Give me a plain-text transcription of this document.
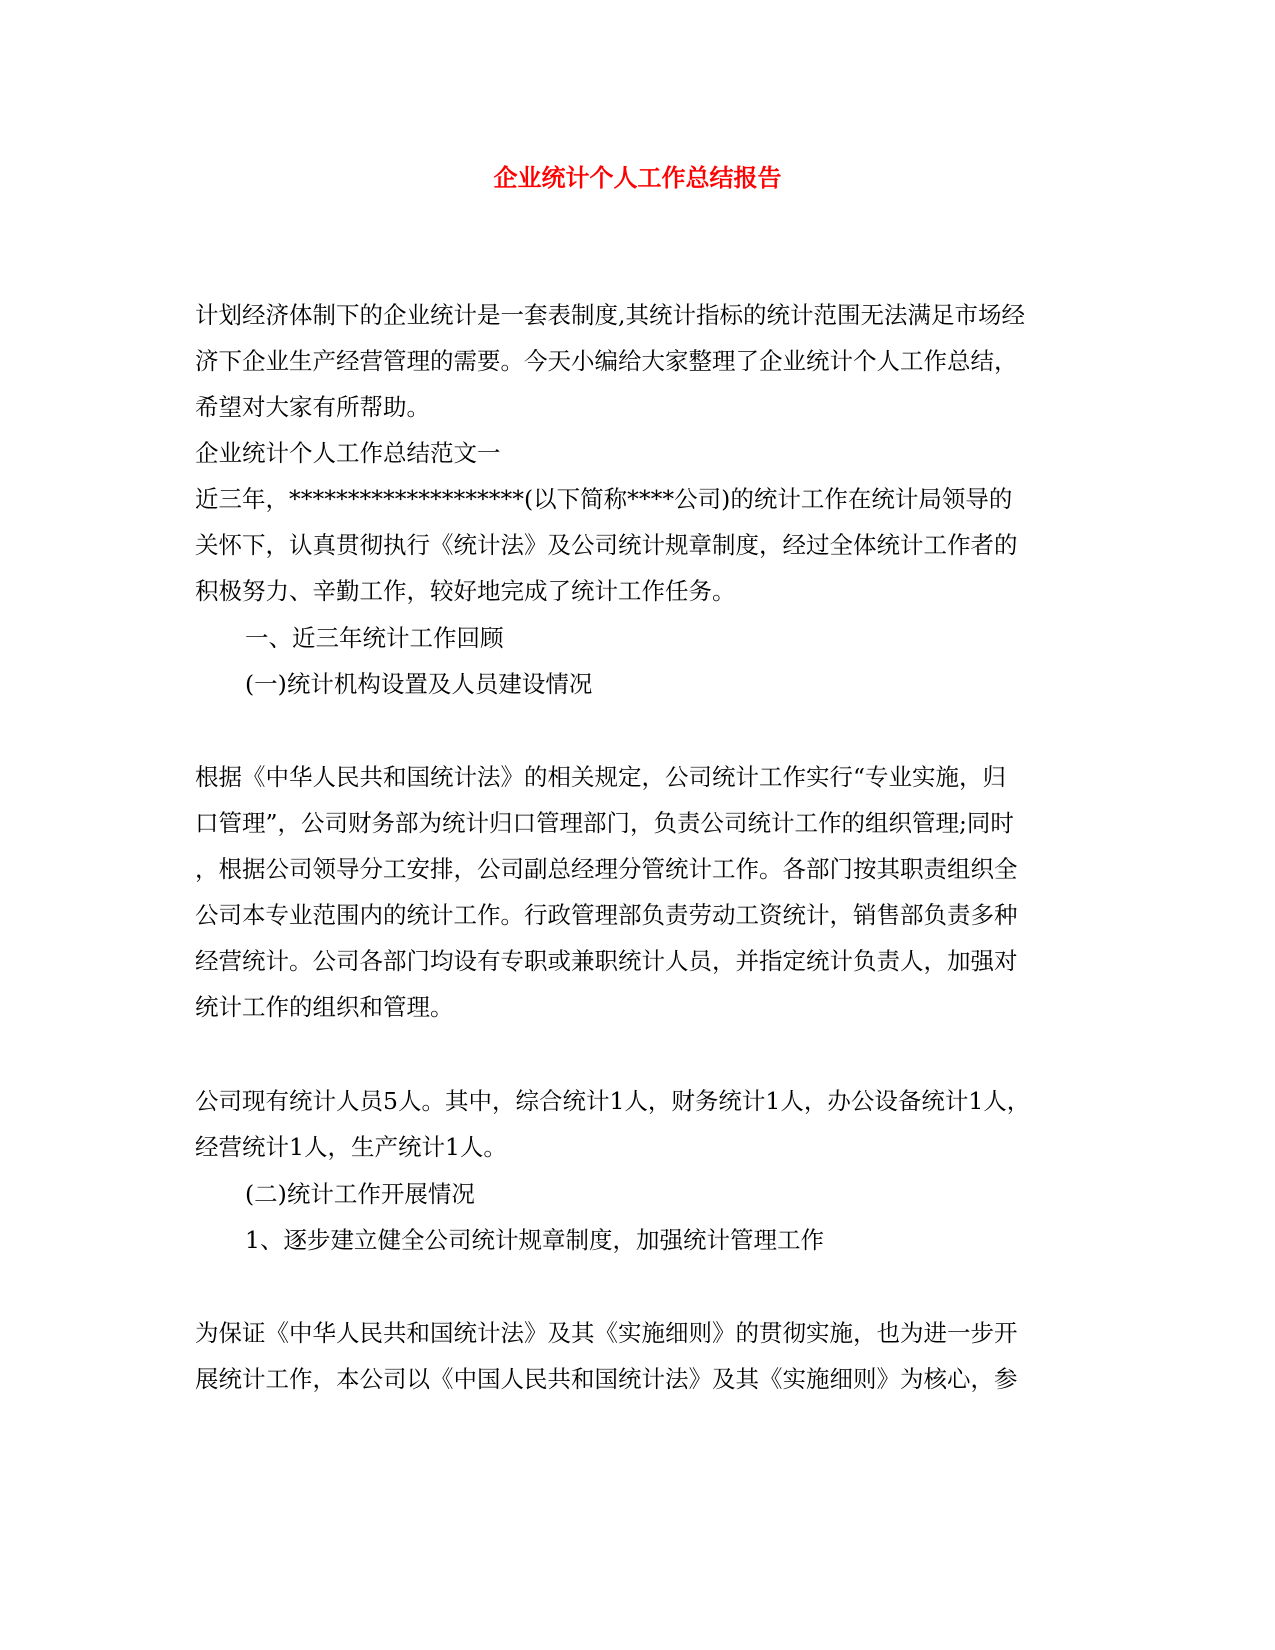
企业统计个人工作总结报告

计划经济体制下的企业统计是一套表制度,其统计指标的统计范围无法满足市场经

济下企业生产经营管理的需要。今天小编给大家整理了企业统计个人工作总结，

希望对大家有所帮助。

企业统计个人工作总结范文一

近三年，********************(以下简称****公司)的统计工作在统计局领导的

关怀下，认真贯彻执行《统计法》及公司统计规章制度，经过全体统计工作者的

积极努力、辛勤工作，较好地完成了统计工作任务。

一、近三年统计工作回顾

(一)统计机构设置及人员建设情况

根据《中华人民共和国统计法》的相关规定，公司统计工作实行“专业实施，归

口管理”，公司财务部为统计归口管理部门，负责公司统计工作的组织管理;同时

，根据公司领导分工安排，公司副总经理分管统计工作。各部门按其职责组织全

公司本专业范围内的统计工作。行政管理部负责劳动工资统计，销售部负责多种

经营统计。公司各部门均设有专职或兼职统计人员，并指定统计负责人，加强对

统计工作的组织和管理。

公司现有统计人员5人。其中，综合统计1人，财务统计1人，办公设备统计1人，

经营统计1人，生产统计1人。

(二)统计工作开展情况

1、逐步建立健全公司统计规章制度，加强统计管理工作

为保证《中华人民共和国统计法》及其《实施细则》的贯彻实施，也为进一步开

展统计工作，本公司以《中国人民共和国统计法》及其《实施细则》为核心，参
